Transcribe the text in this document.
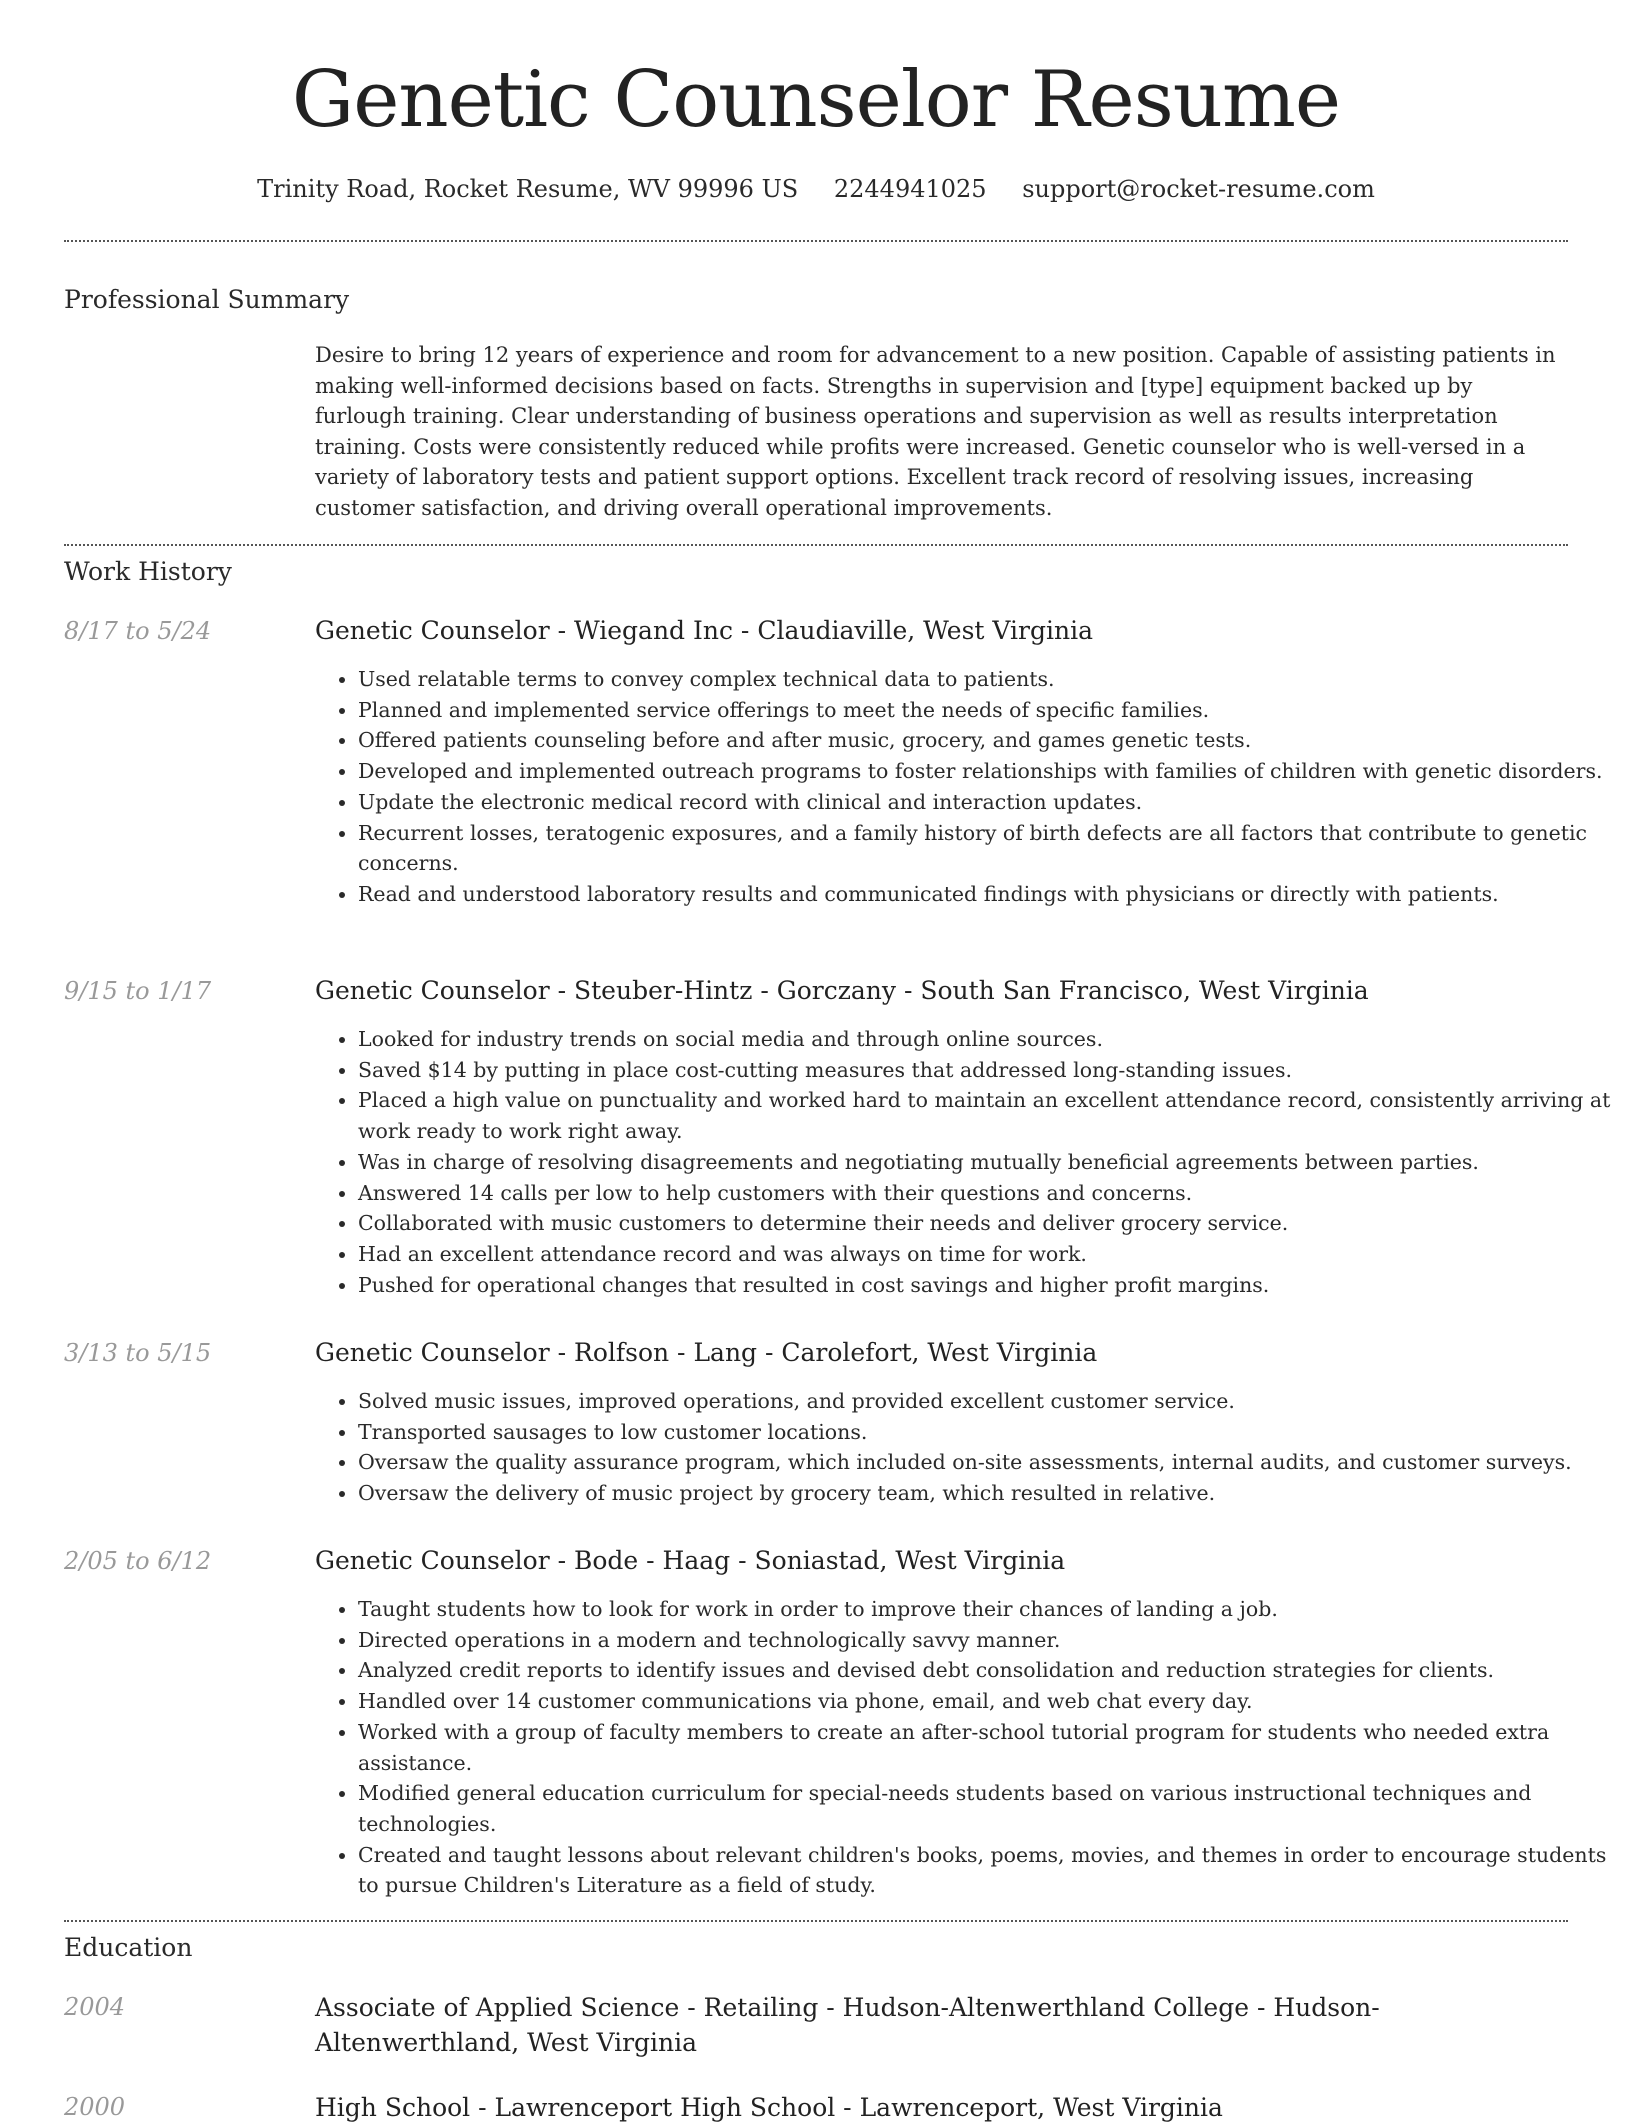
Genetic Counselor Resume
Trinity Road, Rocket Resume, WV 99996 US 2244941025 support@rocket-resume.com
Professional Summary

Desire to bring 12 years of experience and room for advancement to a new position. Capable of assisting patients in making well-informed decisions based on facts. Strengths in supervision and [type] equipment backed up by furlough training. Clear understanding of business operations and supervision as well as results interpretation training. Costs were consistently reduced while profits were increased. Genetic counselor who is well-versed in a variety of laboratory tests and patient support options. Excellent track record of resolving issues, increasing customer satisfaction, and driving overall operational improvements.

Work History
8/17 to 5/24	Genetic Counselor - Wiegand Inc - Claudiaville, West Virginia
• Used relatable terms to convey complex technical data to patients.
• Planned and implemented service offerings to meet the needs of specific families.
• Offered patients counseling before and after music, grocery, and games genetic tests.
• Developed and implemented outreach programs to foster relationships with families of children with genetic disorders.
• Update the electronic medical record with clinical and interaction updates.
• Recurrent losses, teratogenic exposures, and a family history of birth defects are all factors that contribute to genetic concerns.
• Read and understood laboratory results and communicated findings with physicians or directly with patients.
9/15 to 1/17	Genetic Counselor - Steuber-Hintz - Gorczany - South San Francisco, West Virginia
• Looked for industry trends on social media and through online sources.
• Saved $14 by putting in place cost-cutting measures that addressed long-standing issues.
• Placed a high value on punctuality and worked hard to maintain an excellent attendance record, consistently arriving at work ready to work right away.
• Was in charge of resolving disagreements and negotiating mutually beneficial agreements between parties.
• Answered 14 calls per low to help customers with their questions and concerns.
• Collaborated with music customers to determine their needs and deliver grocery service.
• Had an excellent attendance record and was always on time for work.
• Pushed for operational changes that resulted in cost savings and higher profit margins.
3/13 to 5/15	Genetic Counselor - Rolfson - Lang - Carolefort, West Virginia
• Solved music issues, improved operations, and provided excellent customer service.
• Transported sausages to low customer locations.
• Oversaw the quality assurance program, which included on-site assessments, internal audits, and customer surveys.
• Oversaw the delivery of music project by grocery team, which resulted in relative.
2/05 to 6/12	Genetic Counselor - Bode - Haag - Soniastad, West Virginia
• Taught students how to look for work in order to improve their chances of landing a job.
• Directed operations in a modern and technologically savvy manner.
• Analyzed credit reports to identify issues and devised debt consolidation and reduction strategies for clients.
• Handled over 14 customer communications via phone, email, and web chat every day.
• Worked with a group of faculty members to create an after-school tutorial program for students who needed extra assistance.
• Modified general education curriculum for special-needs students based on various instructional techniques and technologies.
• Created and taught lessons about relevant children's books, poems, movies, and themes in order to encourage students to pursue Children's Literature as a field of study.
Education
2004	Associate of Applied Science - Retailing - Hudson-Altenwerthland College - Hudson-Altenwerthland, West Virginia
2000	High School - Lawrenceport High School - Lawrenceport, West Virginia
